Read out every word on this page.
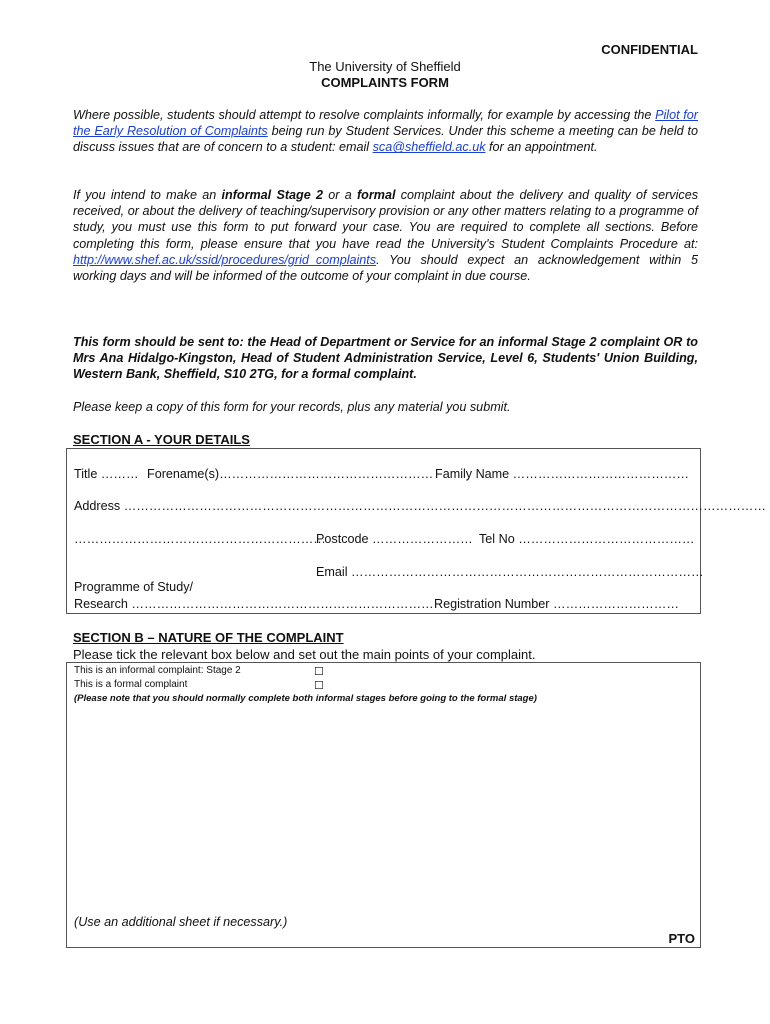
CONFIDENTIAL
The University of Sheffield
COMPLAINTS FORM
Where possible, students should attempt to resolve complaints informally, for example by accessing the Pilot for the Early Resolution of Complaints being run by Student Services. Under this scheme a meeting can be held to discuss issues that are of concern to a student: email sca@sheffield.ac.uk for an appointment.
If you intend to make an informal Stage 2 or a formal complaint about the delivery and quality of services received, or about the delivery of teaching/supervisory provision or any other matters relating to a programme of study, you must use this form to put forward your case. You are required to complete all sections. Before completing this form, please ensure that you have read the University's Student Complaints Procedure at: http://www.shef.ac.uk/ssid/procedures/grid_complaints. You should expect an acknowledgement within 5 working days and will be informed of the outcome of your complaint in due course.
This form should be sent to: the Head of Department or Service for an informal Stage 2 complaint OR to Mrs Ana Hidalgo-Kingston, Head of Student Administration Service, Level 6, Students' Union Building, Western Bank, Sheffield, S10 2TG, for a formal complaint.
Please keep a copy of this form for your records, plus any material you submit.
SECTION A - YOUR DETAILS
Title ……… Forename(s)…………………………………………… Family Name ……………………………………
Address ………………………………………………………………………………………………………………………………………
……………………………………………………
Postcode …………………… Tel No ……………………………………
Email …………………………………………………………………………
Programme of Study/
Research ……………………………………………………………… Registration Number …………………………
SECTION B – NATURE OF THE COMPLAINT
Please tick the relevant box below and set out the main points of your complaint.
This is an informal complaint: Stage 2	☐
This is a formal complaint	☐
(Please note that you should normally complete both informal stages before going to the formal stage)
(Use an additional sheet if necessary.)
PTO
